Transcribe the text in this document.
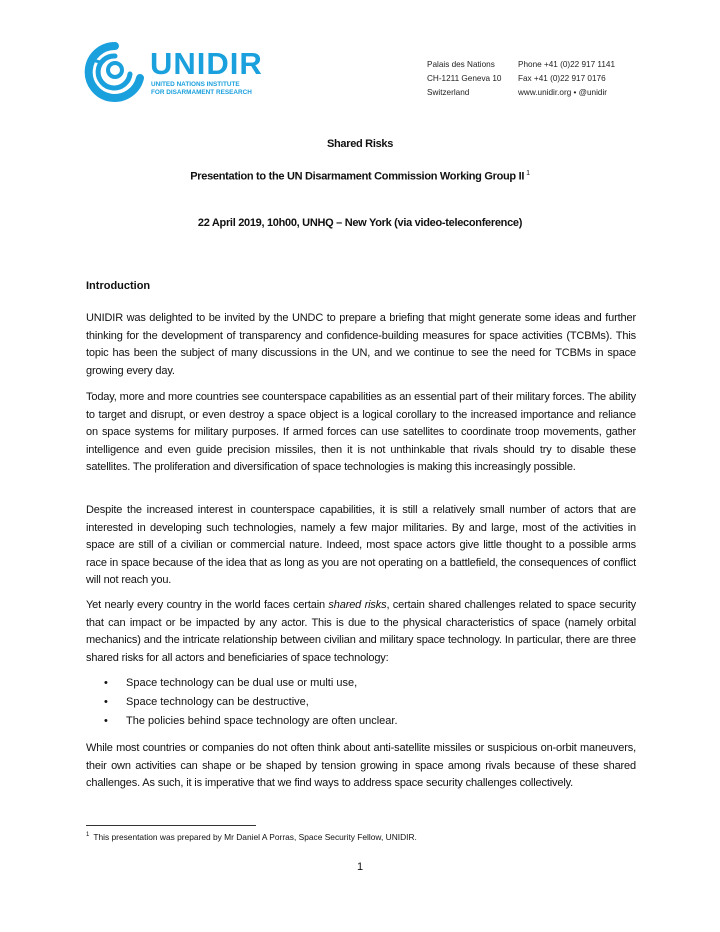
UNIDIR
UNITED NATIONS INSTITUTE
FOR DISARMAMENT RESEARCH
Palais des Nations
CH-1211 Geneva 10
Switzerland
Phone +41 (0)22 917 1141
Fax +41 (0)22 917 0176
www.unidir.org • @unidir
Shared Risks
Presentation to the UN Disarmament Commission Working Group II $^1$
22 April 2019, 10h00, UNHQ – New York (via video-teleconference)
Introduction
UNIDIR was delighted to be invited by the UNDC to prepare a briefing that might generate some ideas and further thinking for the development of transparency and confidence-building measures for space activities (TCBMs). This topic has been the subject of many discussions in the UN, and we continue to see the need for TCBMs in space growing every day.
Today, more and more countries see counterspace capabilities as an essential part of their military forces. The ability to target and disrupt, or even destroy a space object is a logical corollary to the increased importance and reliance on space systems for military purposes. If armed forces can use satellites to coordinate troop movements, gather intelligence and even guide precision missiles, then it is not unthinkable that rivals should try to disable these satellites. The proliferation and diversification of space technologies is making this increasingly possible.
Despite the increased interest in counterspace capabilities, it is still a relatively small number of actors that are interested in developing such technologies, namely a few major militaries. By and large, most of the activities in space are still of a civilian or commercial nature. Indeed, most space actors give little thought to a possible arms race in space because of the idea that as long as you are not operating on a battlefield, the consequences of conflict will not reach you.
Yet nearly every country in the world faces certain shared risks, certain shared challenges related to space security that can impact or be impacted by any actor. This is due to the physical characteristics of space (namely orbital mechanics) and the intricate relationship between civilian and military space technology. In particular, there are three shared risks for all actors and beneficiaries of space technology:
• Space technology can be dual use or multi use,
• Space technology can be destructive,
• The policies behind space technology are often unclear.
While most countries or companies do not often think about anti-satellite missiles or suspicious on-orbit maneuvers, their own activities can shape or be shaped by tension growing in space among rivals because of these shared challenges. As such, it is imperative that we find ways to address space security challenges collectively.
$^1$ This presentation was prepared by Mr Daniel A Porras, Space Security Fellow, UNIDIR.
1
